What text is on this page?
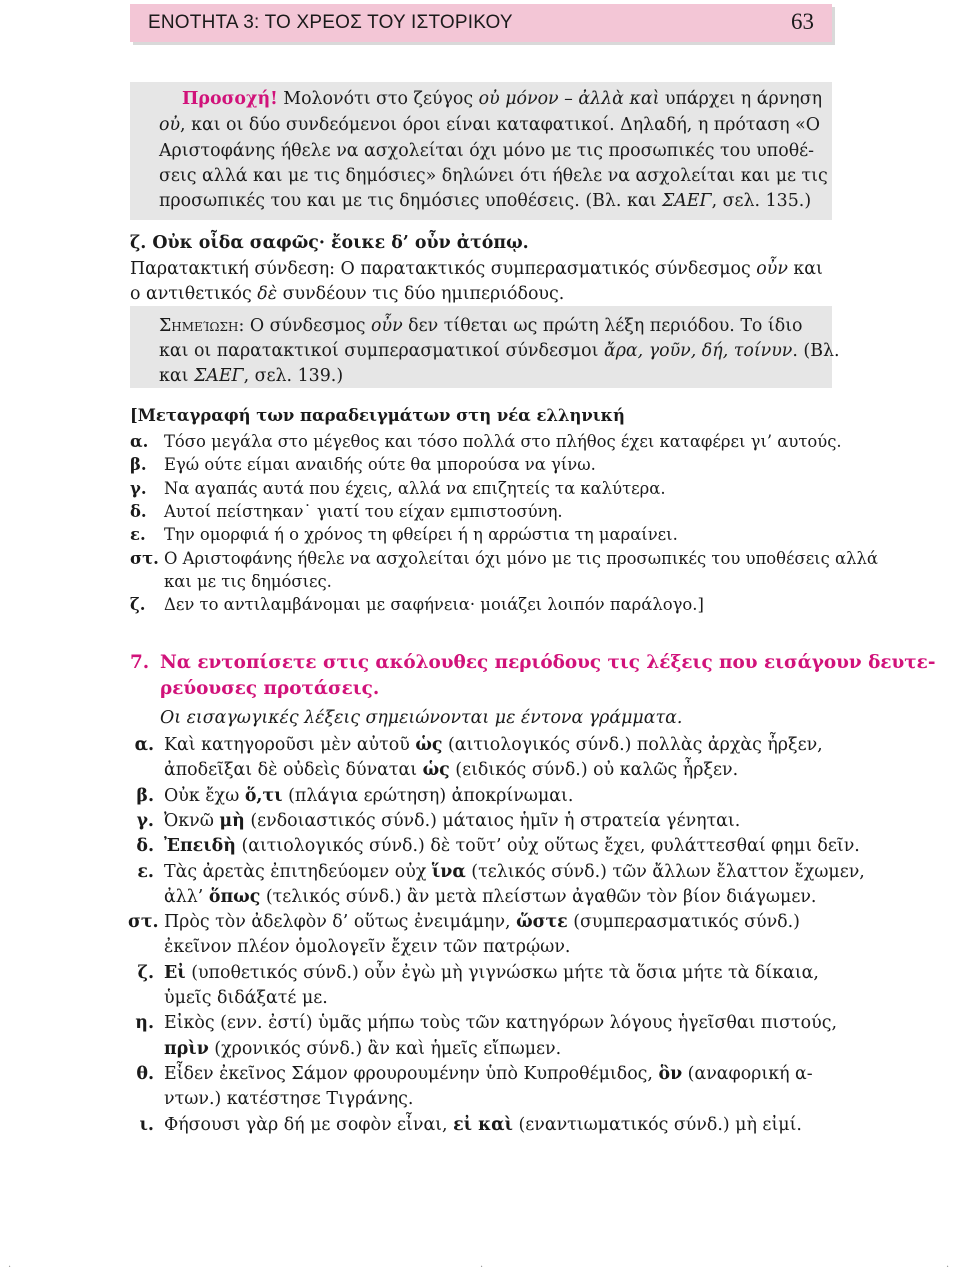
ΕΝΟΤΗΤΑ 3: ΤΟ ΧΡΕΟΣ ΤΟΥ ΙΣΤΟΡΙΚΟΥ	63
Προσοχή! Μολονότι στο ζεύγος οὐ μόνον – ἀλλὰ καὶ υπάρχει η άρνηση
οὐ, και οι δύο συνδεόμενοι όροι είναι καταφατικοί. Δηλαδή, η πρόταση «Ο
Αριστοφάνης ήθελε να ασχολείται όχι μόνο με τις προσωπικές του υποθέ-
σεις αλλά και με τις δημόσιες» δηλώνει ότι ήθελε να ασχολείται και με τις
προσωπικές του και με τις δημόσιες υποθέσεις. (Βλ. και ΣΑΕΓ, σελ. 135.)
ζ. Οὐκ οἶδα σαφῶς· ἔοικε δ’ οὖν ἀτόπῳ.
Παρατακτική σύνδεση: Ο παρατακτικός συμπερασματικός σύνδεσμος οὖν και
ο αντιθετικός δὲ συνδέουν τις δύο ημιπεριόδους.
Σημείωση: Ο σύνδεσμος οὖν δεν τίθεται ως πρώτη λέξη περιόδου. Το ίδιο
και οι παρατακτικοί συμπερασματικοί σύνδεσμοι ἄρα, γοῦν, δή, τοίνυν. (Βλ.
και ΣΑΕΓ, σελ. 139.)
[Μεταγραφή των παραδειγμάτων στη νέα ελληνική
α. Τόσο μεγάλα στο μέγεθος και τόσο πολλά στο πλήθος έχει καταφέρει γι’ αυτούς.
β. Εγώ ούτε είμαι αναιδής ούτε θα μπορούσα να γίνω.
γ. Να αγαπάς αυτά που έχεις, αλλά να επιζητείς τα καλύτερα.
δ. Αυτοί πείστηκαν˙ γιατί του είχαν εμπιστοσύνη.
ε. Την ομορφιά ή ο χρόνος τη φθείρει ή η αρρώστια τη μαραίνει.
στ. Ο Αριστοφάνης ήθελε να ασχολείται όχι μόνο με τις προσωπικές του υποθέσεις αλλά
και με τις δημόσιες.
ζ. Δεν το αντιλαμβάνομαι με σαφήνεια· μοιάζει λοιπόν παράλογο.]
7. Να εντοπίσετε στις ακόλουθες περιόδους τις λέξεις που εισάγουν δευτε-
ρεύουσες προτάσεις.
Οι εισαγωγικές λέξεις σημειώνονται με έντονα γράμματα.
α. Καὶ κατηγοροῦσι μὲν αὐτοῦ ὡς (αιτιολογικός σύνδ.) πολλὰς ἀρχὰς ἦρξεν,
ἀποδεῖξαι δὲ οὐδεὶς δύναται ὡς (ειδικός σύνδ.) οὐ καλῶς ἦρξεν.
β. Οὐκ ἔχω ὅ,τι (πλάγια ερώτηση) ἀποκρίνωμαι.
γ. Ὀκνῶ μὴ (ενδοιαστικός σύνδ.) μάταιος ἡμῖν ἡ στρατεία γένηται.
δ. Ἐπειδὴ (αιτιολογικός σύνδ.) δὲ τοῦτ’ οὐχ οὕτως ἔχει, φυλάττεσθαί φημι δεῖν.
ε. Τὰς ἀρετὰς ἐπιτηδεύομεν οὐχ ἵνα (τελικός σύνδ.) τῶν ἄλλων ἔλαττον ἔχωμεν,
ἀλλ’ ὅπως (τελικός σύνδ.) ἂν μετὰ πλείστων ἀγαθῶν τὸν βίον διάγωμεν.
στ. Πρὸς τὸν ἀδελφὸν δ’ οὕτως ἐνειμάμην, ὥστε (συμπερασματικός σύνδ.)
ἐκεῖνον πλέον ὁμολογεῖν ἔχειν τῶν πατρῴων.
ζ. Εἰ (υποθετικός σύνδ.) οὖν ἐγὼ μὴ γιγνώσκω μήτε τὰ ὅσια μήτε τὰ δίκαια,
ὑμεῖς διδάξατέ με.
η. Εἰκὸς (ενν. ἐστί) ὑμᾶς μήπω τοὺς τῶν κατηγόρων λόγους ἡγεῖσθαι πιστούς,
πρὶν (χρονικός σύνδ.) ἂν καὶ ἡμεῖς εἴπωμεν.
θ. Εἶδεν ἐκεῖνος Σάμον φρουρουμένην ὑπὸ Κυπροθέμιδος, ὃν (αναφορική α-
ντων.) κατέστησε Τιγράνης.
ι. Φήσουσι γὰρ δή με σοφὸν εἶναι, εἰ καὶ (εναντιωματικός σύνδ.) μὴ εἰμί.
·	·	·
